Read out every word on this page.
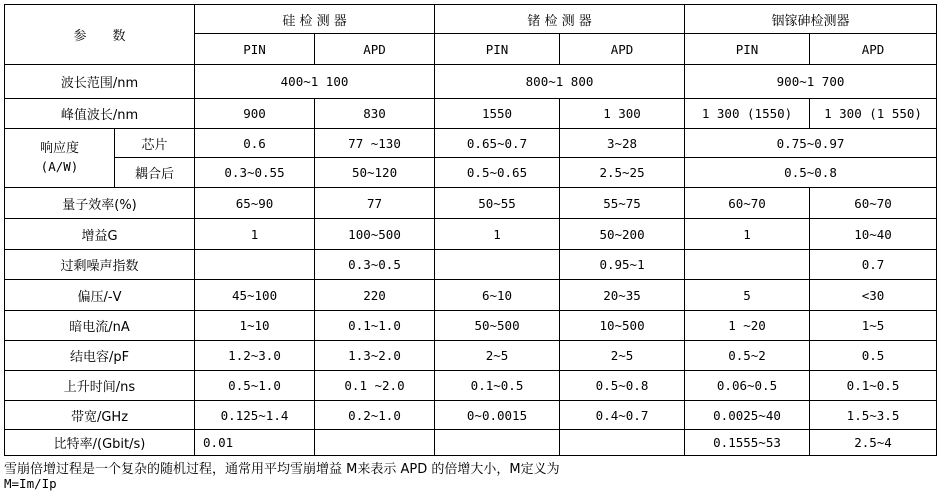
参　　数		硅 检 测 器		锗 检 测 器		铟镓砷检测器	
		PIN	APD	PIN	APD	PIN	APD
波长范围/nm		400~1 100		800~1 800		900~1 700	
峰值波长/nm		900	830	1550	1 300	1 300 (1550)	1 300 (1 550)
响应度
(A/W)	芯片	0.6	77 ~130	0.65~0.7	3~28	0.75~0.97	
	耦合后	0.3~0.55	50~120	0.5~0.65	2.5~25	0.5~0.8	
量子效率(%)		65~90	77	50~55	55~75	60~70	60~70
增益G		1	100~500	1	50~200	1	10~40
过剩噪声指数			0.3~0.5		0.95~1		0.7
偏压/-V		45~100	220	6~10	20~35	5	<30
暗电流/nA		1~10	0.1~1.0	50~500	10~500	1 ~20	1~5
结电容/pF		1.2~3.0	1.3~2.0	2~5	2~5	0.5~2	0.5
上升时间/ns		0.5~1.0	0.1 ~2.0	0.1~0.5	0.5~0.8	0.06~0.5	0.1~0.5
带宽/GHz		0.125~1.4	0.2~1.0	0~0.0015	0.4~0.7	0.0025~40	1.5~3.5
比特率/(Gbit/s)		0.01				0.1555~53	2.5~4
雪崩倍增过程是一个复杂的随机过程，通常用平均雪崩增益 M来表示 APD 的倍增大小，M定义为
M=Im/Ip
